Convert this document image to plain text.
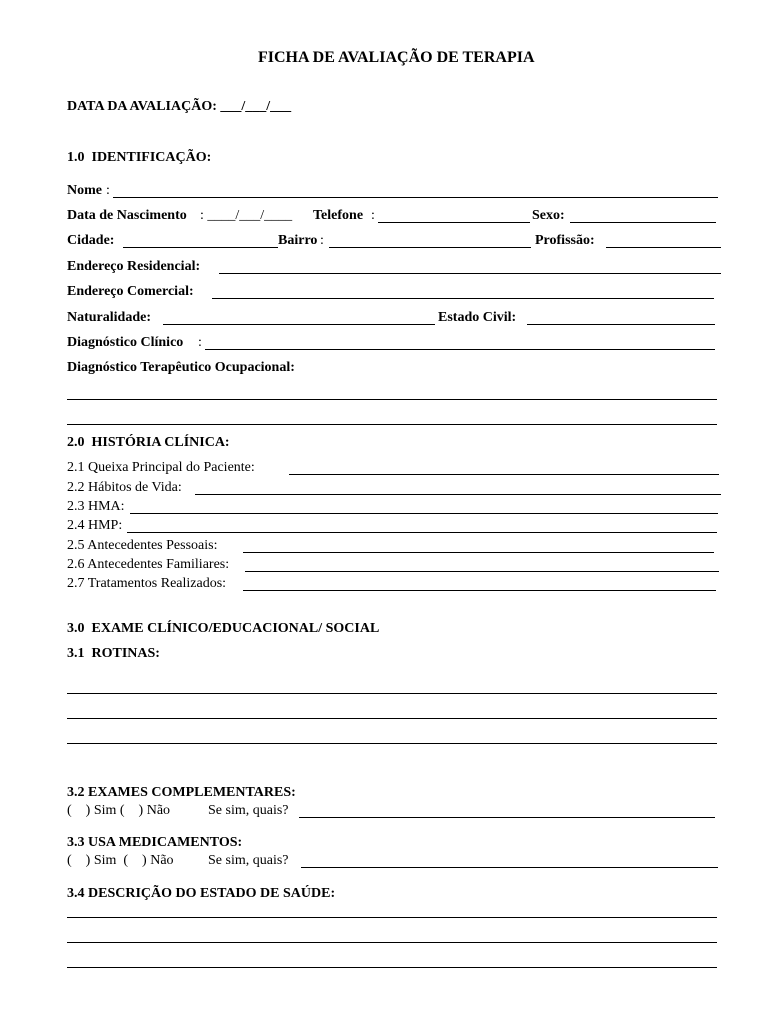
FICHA DE AVALIAÇÃO DE TERAPIA
DATA DA AVALIAÇÃO: ___/___/___
1.0  IDENTIFICAÇÃO:
Nome :
Data de Nascimento : ____/___/____ Telefone :	Sexo:
Cidade:	Bairro :	Profissão:
Endereço Residencial:
Endereço Comercial:
Naturalidade:	Estado Civil:
Diagnóstico Clínico :
Diagnóstico Terapêutico Ocupacional:
2.0  HISTÓRIA CLÍNICA:
2.1 Queixa Principal do Paciente:
2.2 Hábitos de Vida:
2.3 HMA:
2.4 HMP:
2.5 Antecedentes Pessoais:
2.6 Antecedentes Familiares:
2.7 Tratamentos Realizados:
3.0  EXAME CLÍNICO/EDUCACIONAL/ SOCIAL
3.1  ROTINAS:
3.2 EXAMES COMPLEMENTARES:
(    ) Sim (    ) Não	Se sim, quais?
3.3 USA MEDICAMENTOS:
(    ) Sim  (    ) Não Se sim, quais?
3.4 DESCRIÇÃO DO ESTADO DE SAÚDE:
